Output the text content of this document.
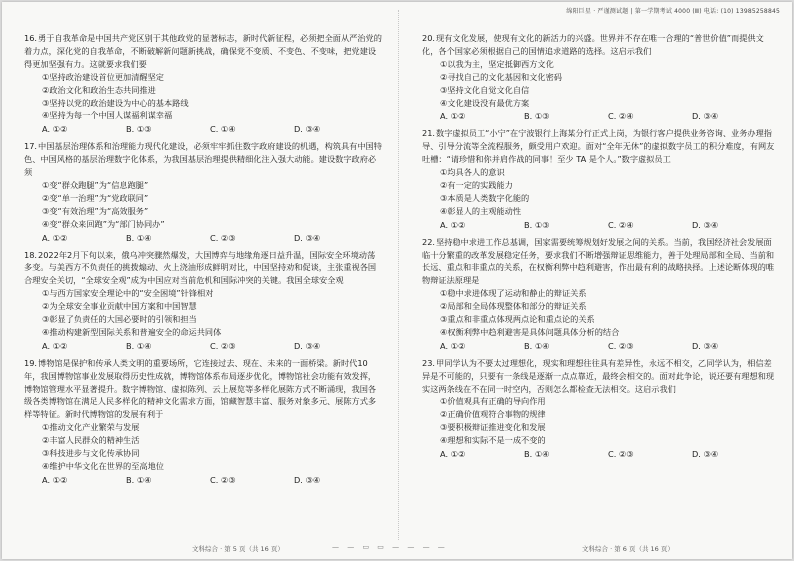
绵阳巨星 · 严谨测试题 | 第一学期考试 4000 (Ⅲ) 电话: (10) 13985258845
16.勇于自我革命是中国共产党区别于其他政党的显著标志，新时代新征程，必须把全面从严治党的着力点，深化党的自我革命，不断破解新问题新挑战，确保党不变质、不变色、不变味，把党建设得更加坚强有力。这就要求我们要
①坚持政治建设首位更加清醒坚定
②政治文化和政治生态共同推进
③坚持以党的政治建设为中心的基本路线
④坚持为每一个中国人谋福利谋幸福
A. ①②	B. ①③	C. ①④	D. ③④
17.中国基层治理体系和治理能力现代化建设，必须牢牢抓住数字政府建设的机遇，构筑具有中国特色、中国风格的基层治理数字化体系，为我国基层治理提供精细化注入强大动能。建设数字政府必须
①变“群众跑腿”为“信息跑腿”
②变“单一治理”为“党政联同”
③变“有效治理”为“高效服务”
④变“群众来回跑”为“部门协同办”
A. ①②	B. ①④	C. ②③	D. ③④
18.2022年2月下旬以来，俄乌冲突骤然爆发，大国博弈与地缘角逐日益升温，国际安全环境动荡多变。与美西方不负责任的挑拨煽动、火上浇油形成鲜明对比，中国坚持劝和促谈，主张重视各国合理安全关切，“全球安全观”成为中国应对当前危机和国际冲突的关键。我国全球安全观
①与西方国家安全理论中的“安全困境”针锋相对
②为全球安全事业贡献中国方案和中国智慧
③彰显了负责任的大国必要时的引领和担当
④推动构建新型国际关系和普遍安全的命运共同体
A. ①②	B. ①④	C. ②③	D. ③④
19.博物馆是保护和传承人类文明的重要场所，它连接过去、现在、未来的一面桥梁。新时代10年，我国博物馆事业发展取得历史性成就，博物馆体系布局逐步优化，博物馆社会功能有效发挥，博物馆管理水平显著提升。数字博物馆、虚拟陈列、云上展览等多样化展陈方式不断涌现，我国各级各类博物馆在满足人民多样化的精神文化需求方面，馆藏智慧丰富、服务对象多元、展陈方式多样等特征。新时代博物馆的发展有利于
①推动文化产业繁荣与发展
②丰富人民群众的精神生活
③科技进步与文化传承协同
④维护中华文化在世界的至高地位
A. ①②	B. ①④	C. ②③	D. ③④
20.现有文化发展，使现有文化的新活力的兴盛。世界并不存在唯一合理的“普世价值”而提供文化，各个国家必须根据自己的国情追求道路的选择。这启示我们
①以我为主，坚定抵御西方文化
②寻找自己的文化基因和文化密码
③坚持文化自觉文化自信
④文化建设没有最优方案
A. ①②	B. ①③	C. ②④	D. ③④
21.数字虚拟员工“小宁”在宁波银行上海某分行正式上岗，为银行客户提供业务咨询、业务办理指导、引导分流等全流程服务，颇受用户欢迎。面对“全年无休”的虚拟数字员工的积分难度，有网友吐槽：“请珍惜和你并肩作战的同事！至少 TA 是个人。”数字虚拟员工
①均具各人的意识
②有一定的实践能力
③本质是人类数字化能的
④彰显人的主观能动性
A. ①②	B. ①③	C. ②④	D. ③④
22.坚持稳中求进工作总基调，国家需要统筹规划好发展之间的关系。当前，我国经济社会发展面临十分繁重的改革发展稳定任务，要求我们不断增强辩证思维能力，善于处理局部和全局、当前和长远、重点和非重点的关系，在权衡利弊中趋利避害，作出最有利的战略抉择。上述论断体现的唯物辩证法原理是
①稳中求进体现了运动和静止的辩证关系
②局部和全局体现整体和部分的辩证关系
③重点和非重点体现两点论和重点论的关系
④权衡利弊中趋利避害是具体问题具体分析的结合
A. ①②	B. ①④	C. ②③	D. ③④
23.甲同学认为不要太过理想化，现实和理想往往具有差异性，永远不相交，乙同学认为，相信差异是不可能的，只要有一条线是逐渐一点点靠近，最终会相交的。面对此争论，说还要有理想和现实这两条线在不在同一时空内，否则怎么都检查无法相交。这启示我们
①价值观具有正确的导向作用
②正确价值观符合事物的规律
③要积极辩证推进变化和发展
④理想和实际不是一成不变的
A. ①②	B. ①④	C. ②③	D. ③④
文科综合 · 第 5 页（共 16 页）	— — ▭ ▭ — — — —	文科综合 · 第 6 页（共 16 页）
